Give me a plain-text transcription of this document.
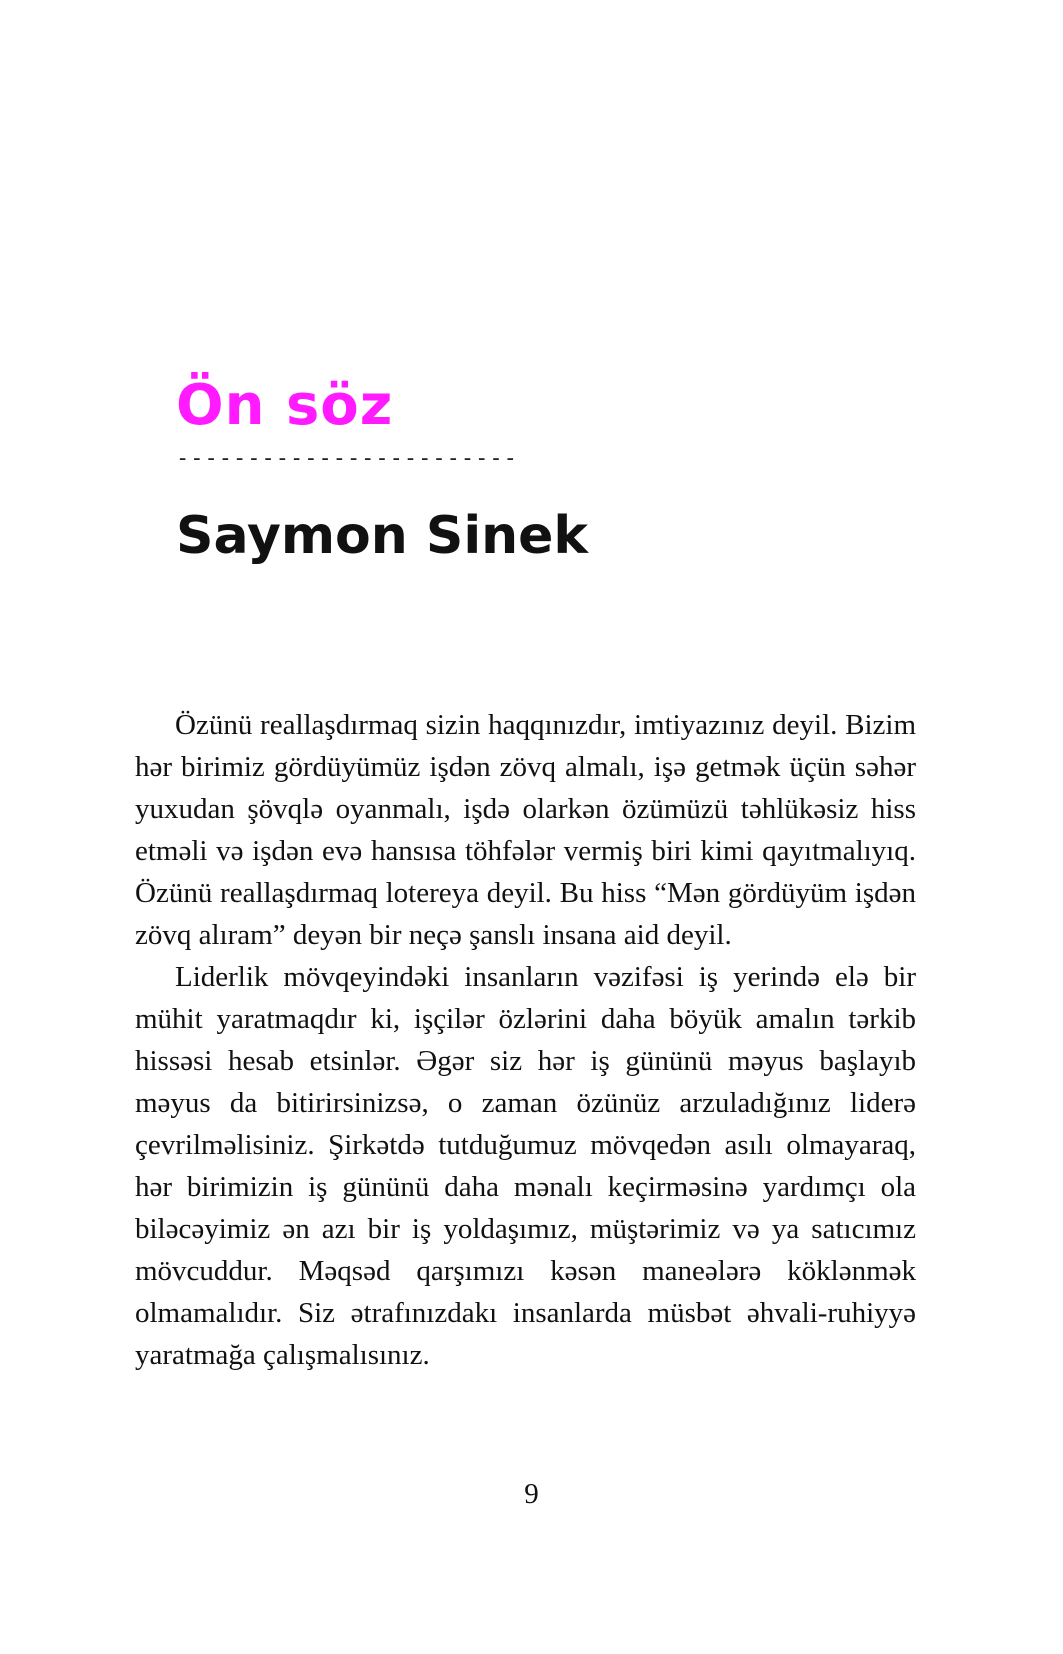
Ön söz
------------------------
Saymon Sinek

Özünü reallaşdırmaq sizin haqqınızdır, imtiyazınız deyil. Bizim hər birimiz gördüyümüz işdən zövq almalı, işə getmək üçün səhər yuxudan şövqlə oyanmalı, işdə olarkən özümüzü təhlükəsiz hiss etməli və işdən evə hansısa töhfələr vermiş biri kimi qayıtmalıyıq. Özünü reallaşdırmaq lotereya deyil. Bu hiss “Mən gördüyüm işdən zövq alıram” deyən bir neçə şanslı insana aid deyil.

Liderlik mövqeyindəki insanların vəzifəsi iş yerində elə bir mühit yaratmaqdır ki, işçilər özlərini daha böyük amalın tərkib hissəsi hesab etsinlər. Əgər siz hər iş gününü məyus başlayıb məyus da bitirirsinizsə, o zaman özünüz arzuladığınız liderə çevrilməlisiniz. Şirkətdə tutduğumuz mövqedən asılı olmayaraq, hər birimizin iş gününü daha mənalı keçirməsinə yardımçı ola biləcəyimiz ən azı bir iş yoldaşımız, müştərimiz və ya satıcımız mövcuddur. Məqsəd qarşımızı kəsən maneələrə köklənmək olmamalıdır. Siz ətrafınızdakı insanlarda müsbət əhvali-ruhiyyə yaratmağa çalışmalısınız.

9
